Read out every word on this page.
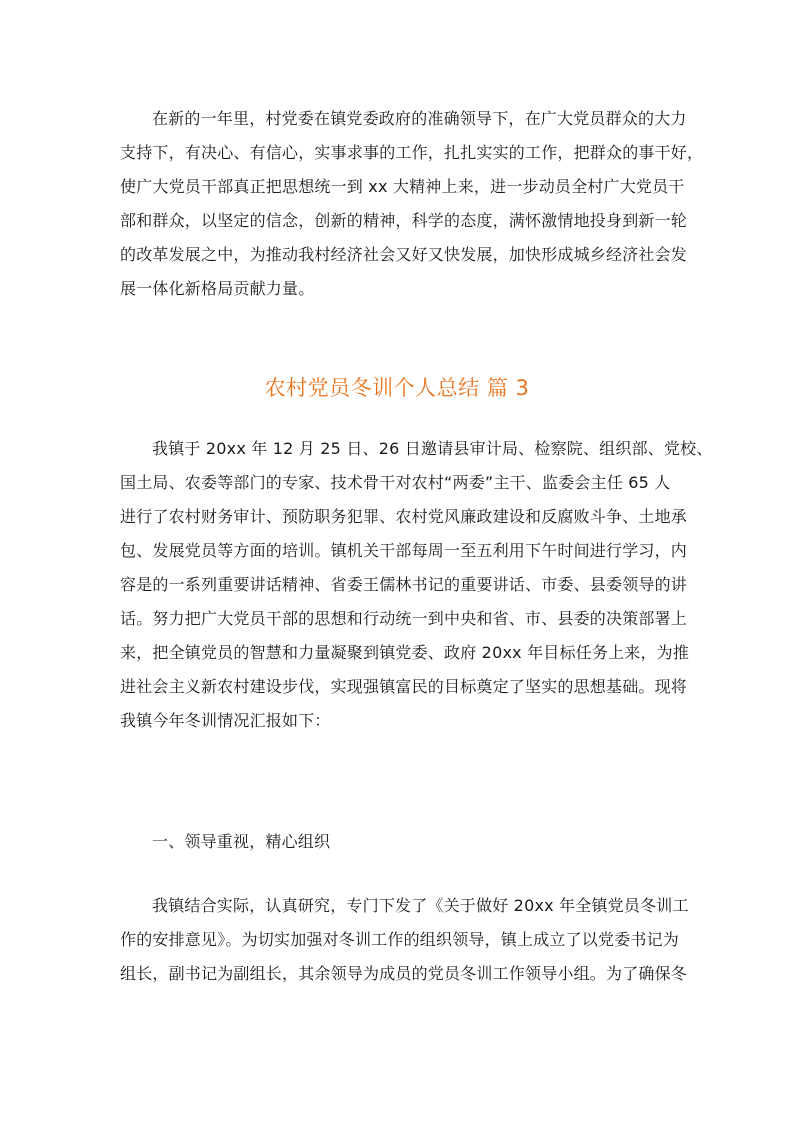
在新的一年里，村党委在镇党委政府的准确领导下，在广大党员群众的大力
支持下，有决心、有信心，实事求事的工作，扎扎实实的工作，把群众的事干好，
使广大党员干部真正把思想统一到 xx 大精神上来，进一步动员全村广大党员干
部和群众，以坚定的信念，创新的精神，科学的态度，满怀激情地投身到新一轮
的改革发展之中，为推动我村经济社会又好又快发展，加快形成城乡经济社会发
展一体化新格局贡献力量。
农村党员冬训个人总结 篇 3
我镇于 20xx 年 12 月 25 日、26 日邀请县审计局、检察院、组织部、党校、
国土局、农委等部门的专家、技术骨干对农村“两委”主干、监委会主任 65 人
进行了农村财务审计、预防职务犯罪、农村党风廉政建设和反腐败斗争、土地承
包、发展党员等方面的培训。镇机关干部每周一至五利用下午时间进行学习，内
容是的一系列重要讲话精神、省委王儒林书记的重要讲话、市委、县委领导的讲
话。努力把广大党员干部的思想和行动统一到中央和省、市、县委的决策部署上
来，把全镇党员的智慧和力量凝聚到镇党委、政府 20xx 年目标任务上来，为推
进社会主义新农村建设步伐，实现强镇富民的目标奠定了坚实的思想基础。现将
我镇今年冬训情况汇报如下：
一、领导重视，精心组织
我镇结合实际，认真研究，专门下发了《关于做好 20xx 年全镇党员冬训工
作的安排意见》。为切实加强对冬训工作的组织领导，镇上成立了以党委书记为
组长，副书记为副组长，其余领导为成员的党员冬训工作领导小组。为了确保冬
